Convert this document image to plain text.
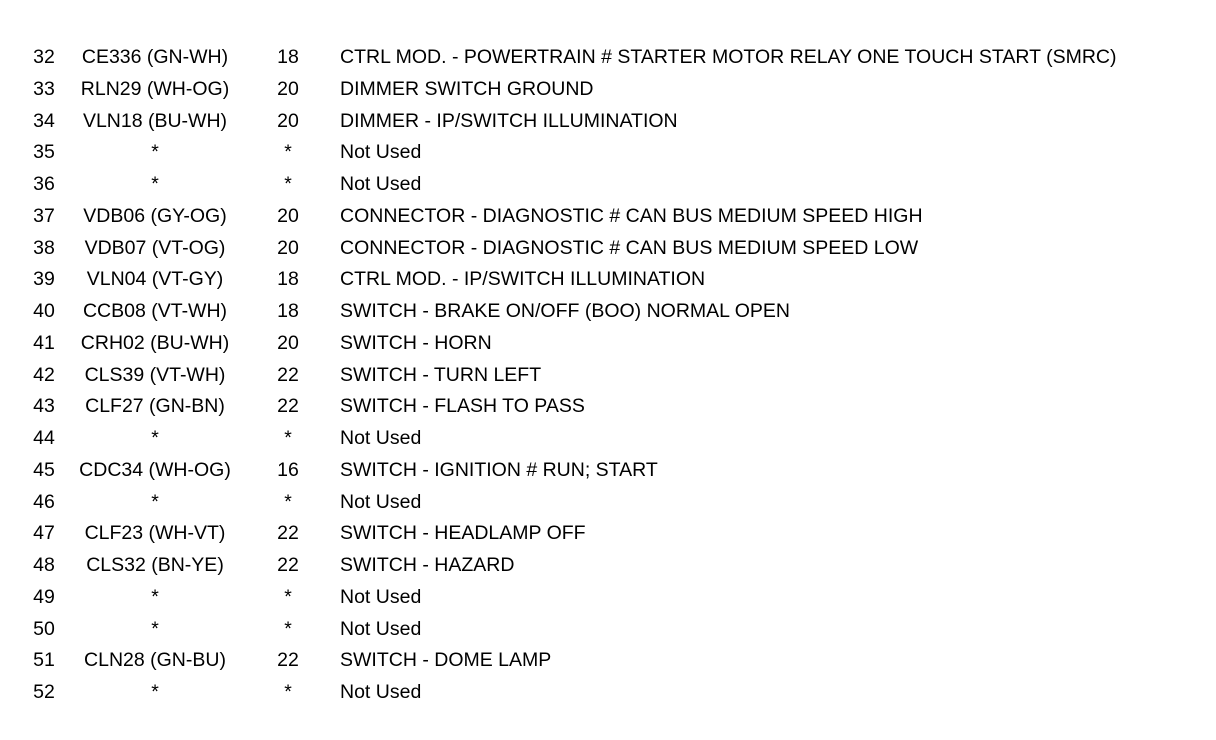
32	CE336 (GN-WH)	18	CTRL MOD. - POWERTRAIN # STARTER MOTOR RELAY ONE TOUCH START (SMRC)
33	RLN29 (WH-OG)	20	DIMMER SWITCH GROUND
34	VLN18 (BU-WH)	20	DIMMER - IP/SWITCH ILLUMINATION
35	*	*	Not Used
36	*	*	Not Used
37	VDB06 (GY-OG)	20	CONNECTOR - DIAGNOSTIC # CAN BUS MEDIUM SPEED HIGH
38	VDB07 (VT-OG)	20	CONNECTOR - DIAGNOSTIC # CAN BUS MEDIUM SPEED LOW
39	VLN04 (VT-GY)	18	CTRL MOD. - IP/SWITCH ILLUMINATION
40	CCB08 (VT-WH)	18	SWITCH - BRAKE ON/OFF (BOO) NORMAL OPEN
41	CRH02 (BU-WH)	20	SWITCH - HORN
42	CLS39 (VT-WH)	22	SWITCH - TURN LEFT
43	CLF27 (GN-BN)	22	SWITCH - FLASH TO PASS
44	*	*	Not Used
45	CDC34 (WH-OG)	16	SWITCH - IGNITION # RUN; START
46	*	*	Not Used
47	CLF23 (WH-VT)	22	SWITCH - HEADLAMP OFF
48	CLS32 (BN-YE)	22	SWITCH - HAZARD
49	*	*	Not Used
50	*	*	Not Used
51	CLN28 (GN-BU)	22	SWITCH - DOME LAMP
52	*	*	Not Used
